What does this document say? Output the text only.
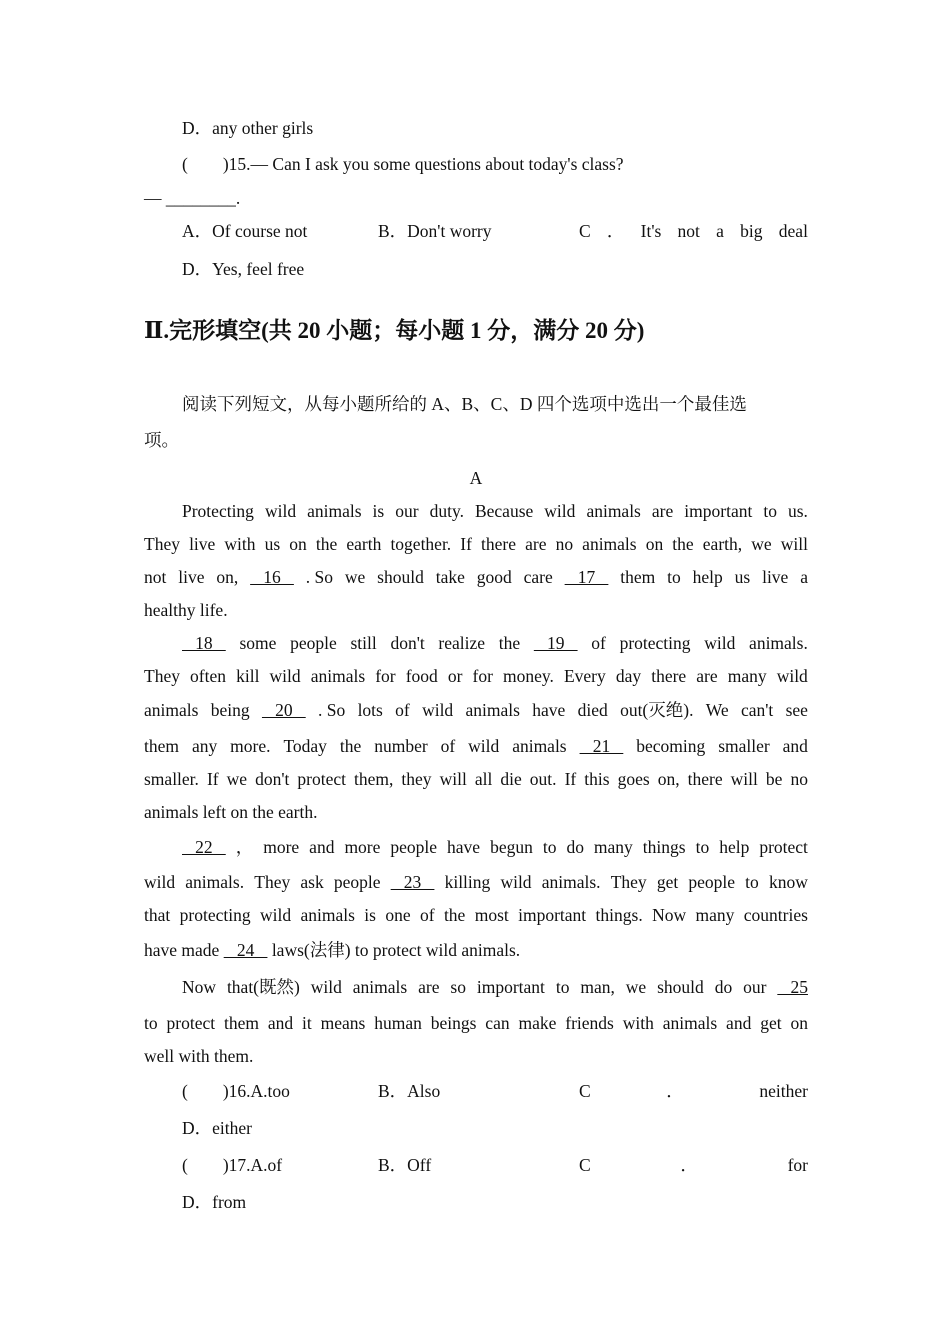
D．any other girls
(　　)15.— Can I ask you some questions about today's class?
— ________.
A．Of course not	B．Don't worry	C ． It's not a big deal
D．Yes, feel free
Ⅱ.完形填空(共 20 小题；每小题 1 分，满分 20 分)
阅读下列短文，从每小题所给的 A、B、C、D 四个选项中选出一个最佳选
项。
A
Protecting wild animals is our duty. Because wild animals are important to us.
They live with us on the earth together. If there are no animals on the earth, we will
not live on, 16 . So we should take good care 17 them to help us live a
healthy life.
18 some people still don't realize the 19 of protecting wild animals.
They often kill wild animals for food or for money. Every day there are many wild
animals being 20 . So lots of wild animals have died out(灭绝). We can't see
them any more. Today the number of wild animals 21 becoming smaller and
smaller. If we don't protect them, they will all die out. If this goes on, there will be no
animals left on the earth.
22 ， more and more people have begun to do many things to help protect
wild animals. They ask people 23 killing wild animals. They get people to know
that protecting wild animals is one of the most important things. Now many countries
have made    24    laws(法律) to protect wild animals.
Now that(既然) wild animals are so important to man, we should do our 25
to protect them and it means human beings can make friends with animals and get on
well with them.
(　　)16.A.too	B．Also	C	．	neither
D．either
(　　)17.A.of	B．Off	C	．	for
D．from
